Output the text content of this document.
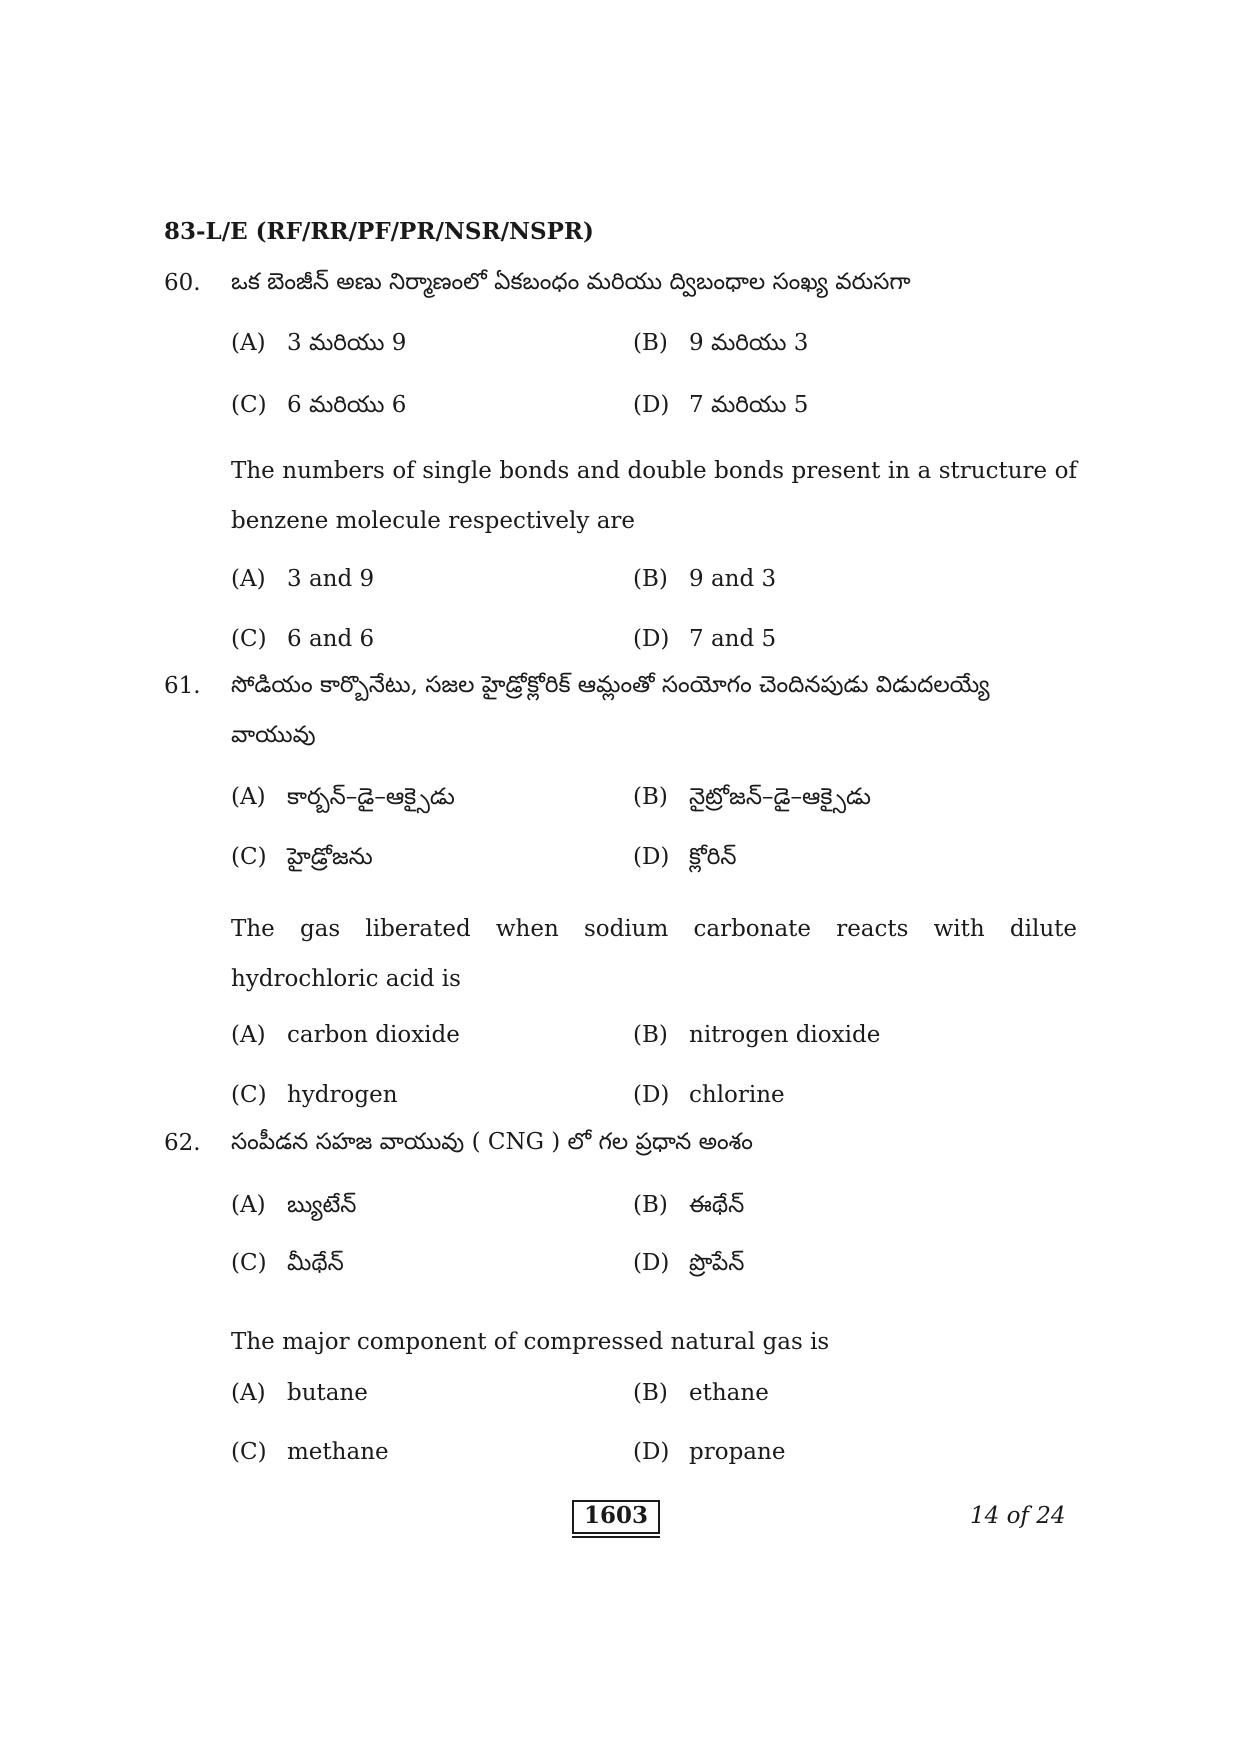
83-L/E (RF/RR/PF/PR/NSR/NSPR)
60. ఒక బెంజీన్ అణు నిర్మాణంలో ఏకబంధం మరియు ద్విబంధాల సంఖ్య వరుసగా
(A) 3 మరియు 9	(B) 9 మరియు 3
(C) 6 మరియు 6	(D) 7 మరియు 5
The numbers of single bonds and double bonds present in a structure of benzene molecule respectively are
(A) 3 and 9	(B) 9 and 3
(C) 6 and 6	(D) 7 and 5
61. సోడియం కార్బొనేటు, సజల హైడ్రోక్లోరిక్ ఆమ్లంతో సంయోగం చెందినపుడు విడుదలయ్యే
వాయువు
(A) కార్బన్–డై–ఆక్సైడు	(B) నైట్రోజన్–డై–ఆక్సైడు
(C) హైడ్రోజను	(D) క్లోరిన్
The gas liberated when sodium carbonate reacts with dilute hydrochloric acid is
(A) carbon dioxide	(B) nitrogen dioxide
(C) hydrogen	(D) chlorine
62. సంపీడన సహజ వాయువు ( CNG ) లో గల ప్రధాన అంశం
(A) బ్యుటేన్	(B) ఈథేన్
(C) మీథేన్	(D) ప్రొపేన్
The major component of compressed natural gas is
(A) butane	(B) ethane
(C) methane	(D) propane
1603	14 of 24
